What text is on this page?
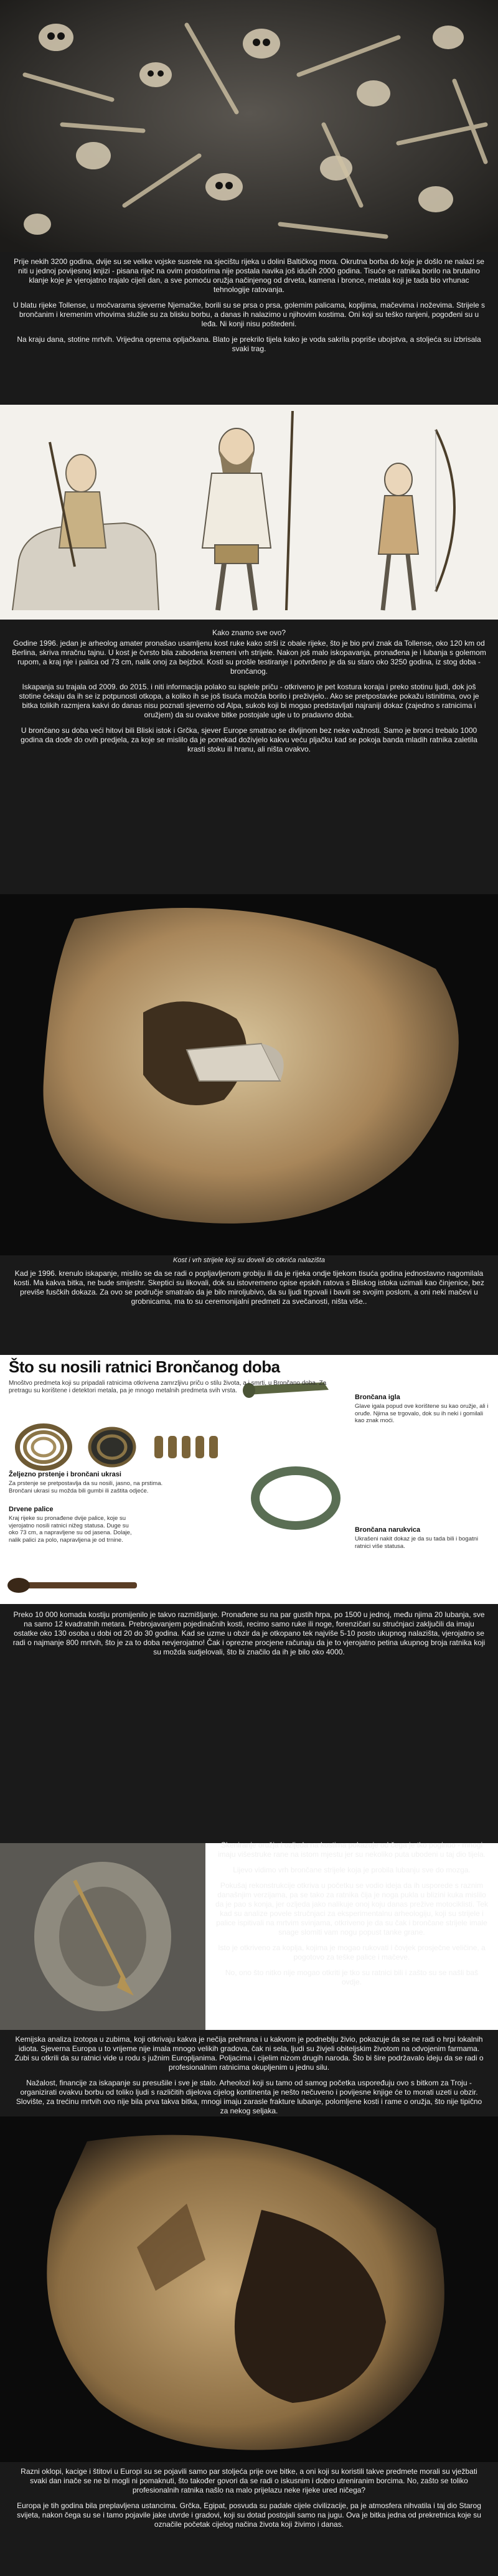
Prije nekih 3200 godina, dvije su se velike vojske susrele na sjecištu rijeka u dolini Baltičkog mora. Okrutna borba do koje je došlo ne nalazi se niti u jednoj povijesnoj knjizi - pisana riječ na ovim prostorima nije postala navika još idućih 2000 godina. Tisuće se ratnika borilo na brutalno klanje koje je vjerojatno trajalo cijeli dan, a sve pomoću oružja načinjenog od drveta, kamena i bronce, metala koji je tada bio vrhunac tehnologije ratovanja.

U blatu rijeke Tollense, u močvarama sjeverne Njemačke, borili su se prsa o prsa, golemim palicama, kopljima, mačevima i noževima. Strijele s brončanim i kremenim vrhovima služile su za blisku borbu, a danas ih nalazimo u njihovim kostima. Oni koji su teško ranjeni, pogođeni su u leđa. Ni konji nisu poštedeni.

Na kraju dana, stotine mrtvih. Vrijedna oprema opljačkana. Blato je prekrilo tijela kako je voda sakrila popriše ubojstva, a stoljeća su izbrisala svaki trag.

Kako znamo sve ovo?

Godine 1996. jedan je arheolog amater pronašao usamljenu kost ruke kako strši iz obale rijeke, što je bio prvi znak da Tollense, oko 120 km od Berlina, skriva mračnu tajnu. U kost je čvrsto bila zabodena kremeni vrh strijele. Nakon još malo iskopavanja, pronađena je i lubanja s golemom rupom, a kraj nje i palica od 73 cm, nalik onoj za bejzbol. Kosti su prošle testiranje i potvrđeno je da su staro oko 3250 godina, iz stog doba - brončanog.

Iskapanja su trajala od 2009. do 2015. i niti informacija polako su isplele priču - otkriveno je pet kostura koraja i preko stotinu ljudi, dok još stotine čekaju da ih se iz potpunosti otkopa, a koliko ih se još tisuća možda borilo i preživjelo.. Ako se pretpostavke pokažu istinitima, ovo je bitka tolikih razmjera kakvi do danas nisu poznati sjeverno od Alpa, sukob koji bi mogao predstavljati najraniji dokaz (zajedno s ratnicima i oružjem) da su ovakve bitke postojale ugle u to pradavno doba.

U brončano su doba veći hitovi bili Bliski istok i Grčka, sjever Europe smatrao se divljinom bez neke važnosti. Samo je bronci trebalo 1000 godina da dođe do ovih predjela, za koje se mislilo da je ponekad doživjelo kakvu veću pljačku kad se pokoja banda mladih ratnika zaletila krasti stoku ili hranu, ali ništa ovakvo.

Kost i vrh strijele koji su doveli do otkrića nalazišta

Kad je 1996. krenulo iskapanje, mislilo se da se radi o popljavljenom grobiju ili da je rijeka ondje tijekom tisuća godina jednostavno nagomilala kosti. Ma kakva bitka, ne bude smijeshr. Skeptici su likovali, dok su istovremeno opise epskih ratova s Bliskog istoka uzimali kao činjenice, bez previše fusčkih dokaza. Za ovo se područje smatralo da je bilo miroljubivo, da su ljudi trgovali i bavili se svojim poslom, a oni neki mačevi u grobnicama, ma to su ceremonijalni predmeti za svečanosti, ništa više..

Što su nosili ratnici Brončanog doba

Mnoštvo predmeta koji su pripadali ratnicima otkrivena zamrzljivu priču o stilu života, a i smrti, u Brončano doba. Za pretragu su korištene i detektori metala, pa je mnogo metalnih predmeta svih vrsta.

Željezno prstenje i brončani ukrasi

Za prstenje se pretpostavlja da su nosili, jasno, na prstima. Brončani ukrasi su možda bili gumbi ili zaštita odjeće.

Drvene palice

Kraj rijeke su pronađene dvije palice, koje su vjerojatno nosili ratnici nižeg statusa. Duge su oko 73 cm, a napravljene su od jasena. Dolaje, nalik palici za polo, napravljena je od trnine.

Brončana igla

Glave igala popud ove korištene su kao oružje, ali i oruđe. Njima se trgovalo, dok su ih neki i gomilali kao znak moći.

Brončana narukvica

Ukrašeni nakit dokaz je da su tada bili i bogatni ratnici više statusa.

Preko 10 000 komada kostiju promijenilo je takvo razmišljanje. Pronađene su na par gustih hrpa, po 1500 u jednoj, među njima 20 lubanja, sve na samo 12 kvadratnih metara. Prebrojavanjem pojedinačnih kosti, recimo samo ruke ili noge, forenzičari su strućnjaci zaključili da imaju ostatke oko 130 osoba u dobi od 20 do 30 godina. Kad se uzme u obzir da je otkopano tek najviše 5-10 posto ukupnog nalazišta, vjerojatno se radi o najmanje 800 mrtvih, što je za to doba nevjerojatno! Čak i oprezne procjene računaju da je to vjerojatno petina ukupnog broja ratnika koji su možda sudjelovali, što bi značilo da ih je bilo oko 4000.

Skeniranje oružja i ozljeda na kostima pokazuje od čega je tko poginuo - mnogi imaju višestruke rane na istom mjestu jer su nekoliko puta ubodeni u taj dio tijela.

Lijevo vidimo vrh brončane strijele koja je probila lubanju sve do mozga.

Pokušaj rekonstrukcije otkriva u početku se vodio ideja da ih usporede s raznim današnjim verzijama, pa se tako za ratnika čija je noga pukla u blizini kuka mislilo da je pao s konja, jer ozljeda jako nalikuje onoj koju danas prežive motociklisti. Tek kad su analize povele stručnjaci za eksperimentalnu arheologiju, koji su strijele i palice ispitivali na mrtvim svinjama, otkriveno je da su čak i brončane strijele imale snage slomiti vam nogu popust tanke grane.

Isto je otkriveno za koplja, kojima je mogao rukovati i čovjek prosječne veličine, a pogotovo za teške palice i mačeve.

No, ono što nitko nije mogao otkriti je tko su ratnici bili i zašto su se našli baš ovdje.

Kemijska analiza izotopa u zubima, koji otkrivaju kakva je nečija prehrana i u kakvom je podneblju živio, pokazuje da se ne radi o hrpi lokalnih idiota. Sjeverna Europa u to vrijeme nije imala mnogo velikih gradova, čak ni sela, ljudi su živjeli obiteljskim životom na odvojenim farmama. Zubi su otkrili da su ratnici vide u rodu s južnim Europljanima. Poljacima i cijelim nizom drugih naroda. Što bi šire podržavalo ideju da se radi o profesionalnim ratnicima okupljenim u jednu silu.

Nažalost, financije za iskapanje su presušile i sve je stalo. Arheolozi koji su tamo od samog početka uspoređuju ovo s bitkom za Troju - organizirati ovakvu borbu od toliko ljudi s različitih dijelova cijelog kontinenta je nešto nečuveno i povijesne knjige će to morati uzeti u obzir. Slovište, za trećinu mrtvih ovo nije bila prva takva bitka, mnogi imaju zarasle frakture lubanje, polomljene kosti i rame o oružja, što nije tipično za nekog seljaka.

Razni oklopi, kacige i štitovi u Europi su se pojavili samo par stoljeća prije ove bitke, a oni koji su koristili takve predmete morali su vježbati svaki dan inače se ne bi mogli ni pomaknuti, što također govori da se radi o iskusnim i dobro utreniranim borcima. No, zašto se toliko profesionalnih ratnika našlo na malo prijelazu neke rijeke ured ničega?

Europa je tih godina bila preplavljena ustancima. Grčka, Egipat, posvuda su padale cijele civilizacije, pa je atmosfera nihvatila i taj dio Starog svijeta, nakon čega su se i tamo pojavile jake utvrde i gradovi, koji su dotad postojali samo na jugu. Ova je bitka jedna od prekretnica koje su označile početak cijelog načina života koji živimo i danas.
